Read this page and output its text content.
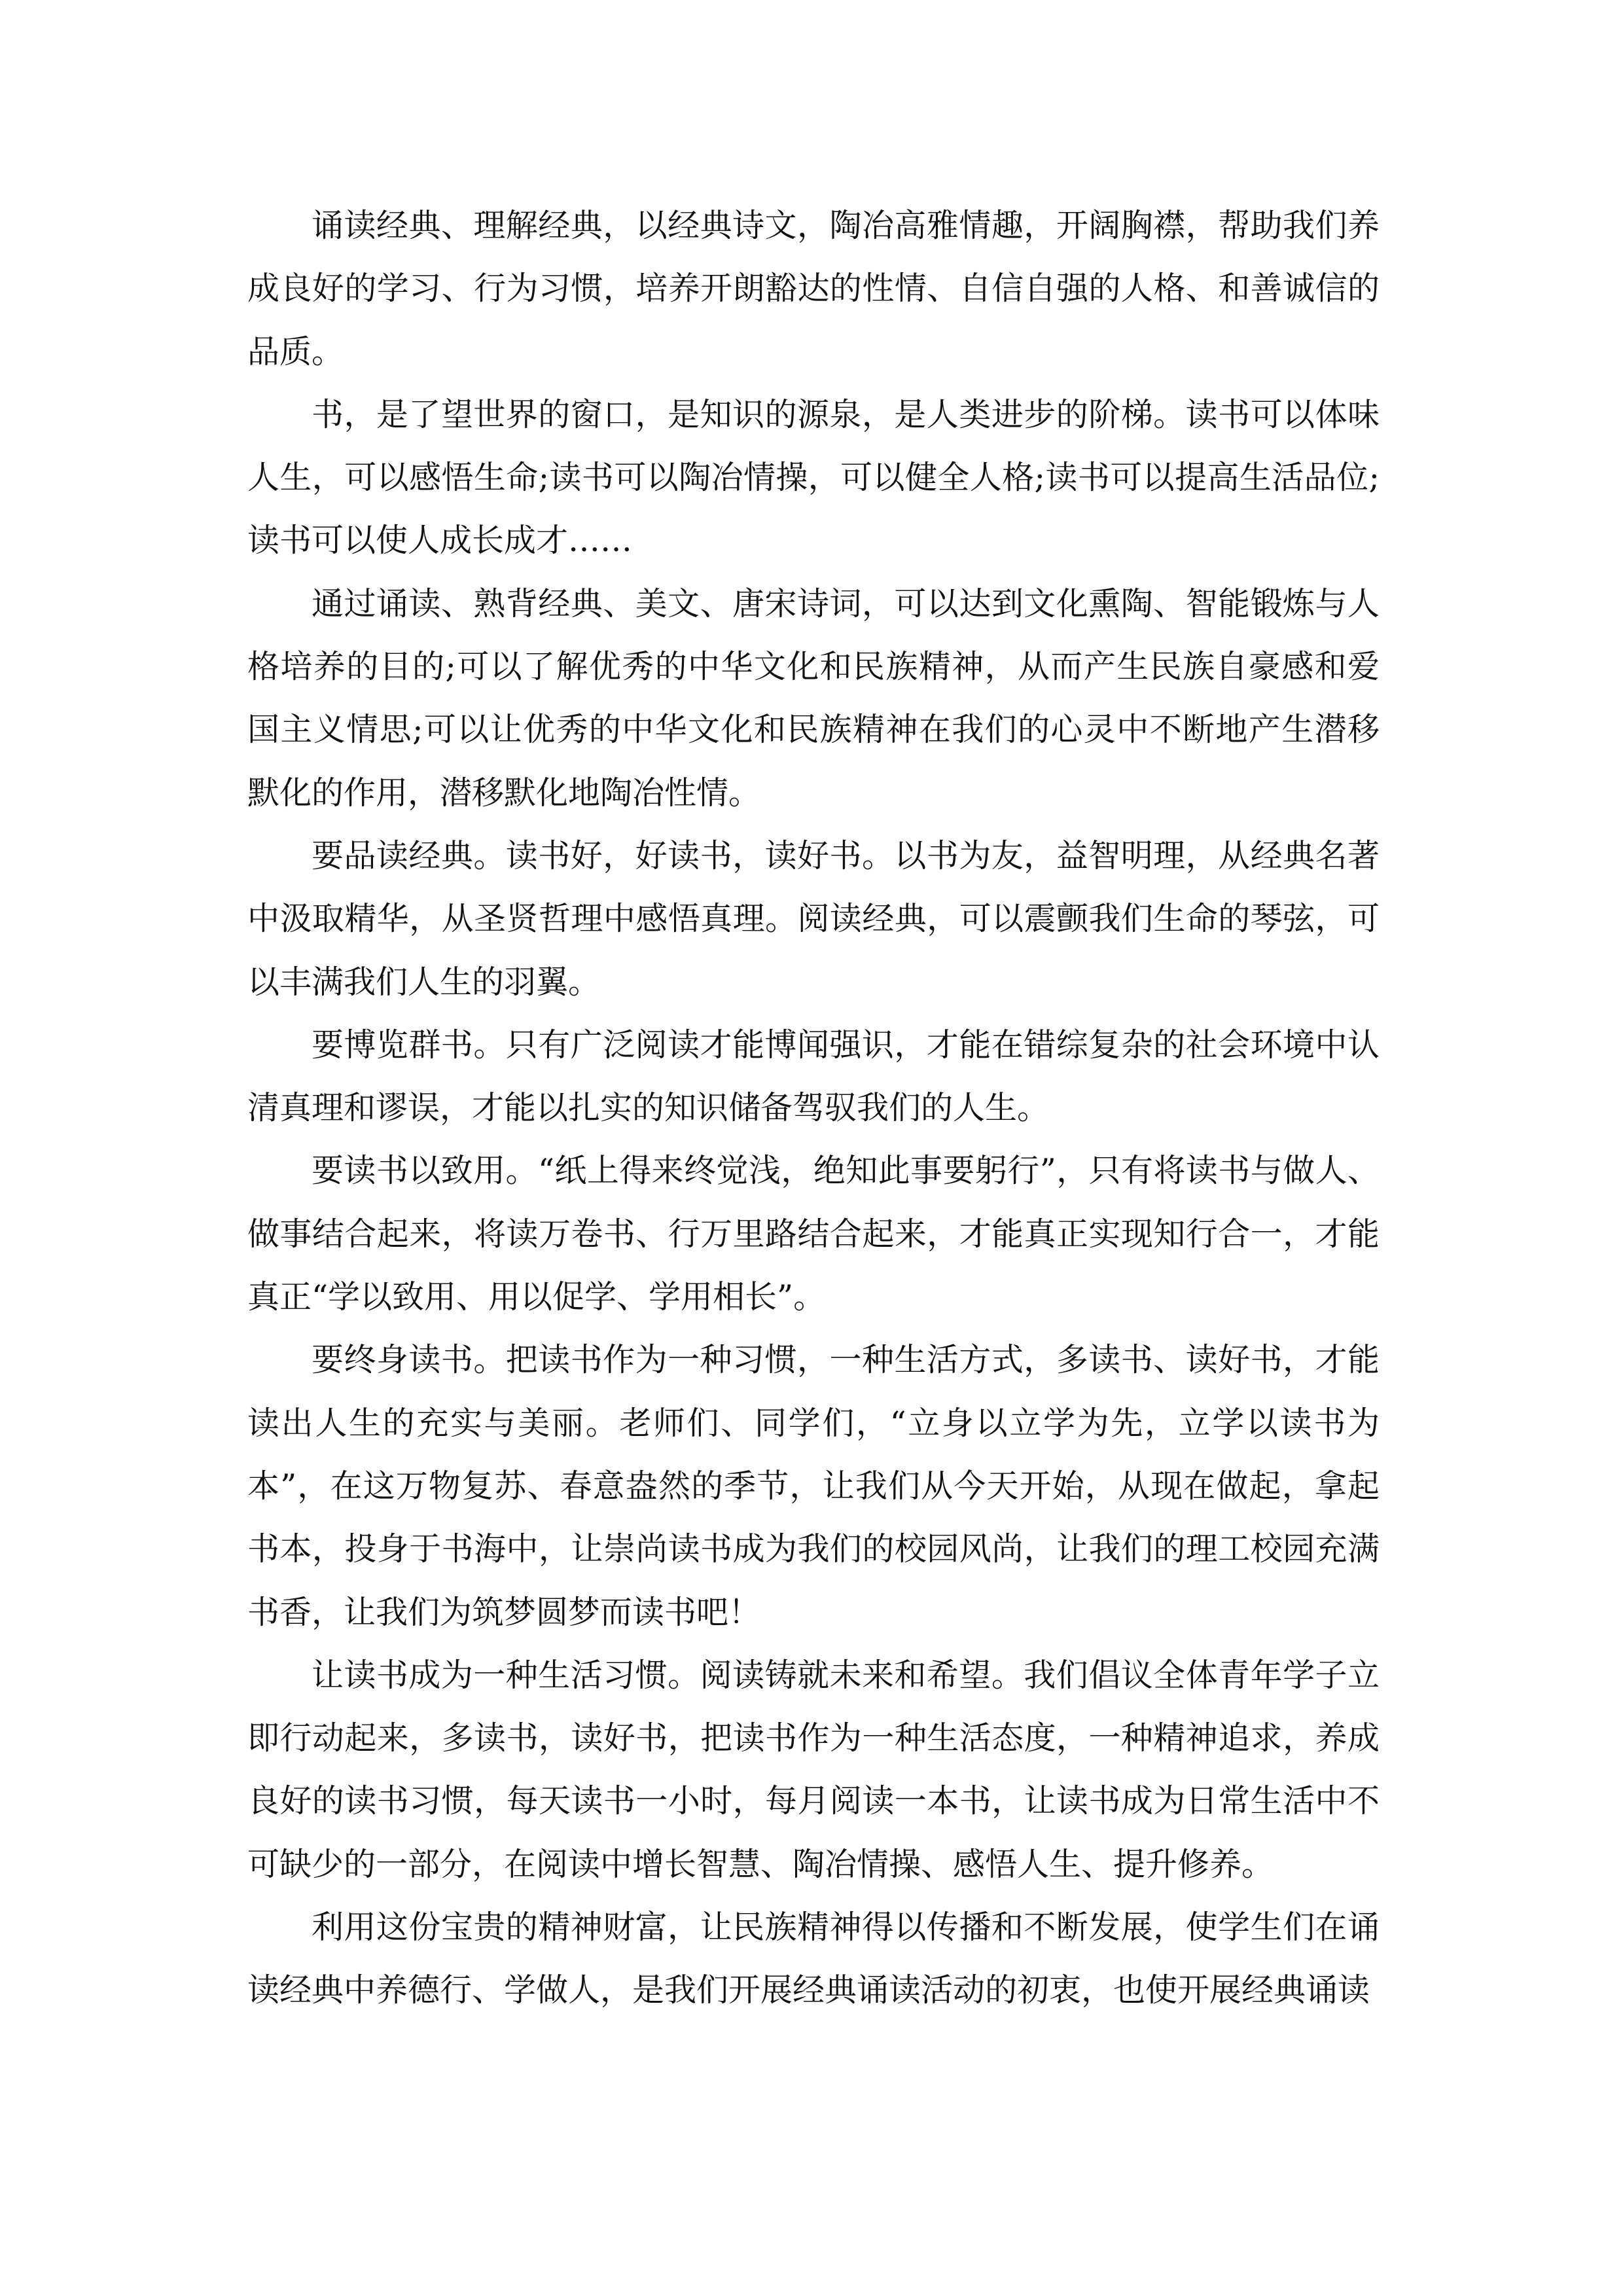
诵读经典、理解经典，以经典诗文，陶冶高雅情趣，开阔胸襟，帮助我们养成良好的学习、行为习惯，培养开朗豁达的性情、自信自强的人格、和善诚信的品质。

书，是了望世界的窗口，是知识的源泉，是人类进步的阶梯。读书可以体味人生，可以感悟生命;读书可以陶冶情操，可以健全人格;读书可以提高生活品位;读书可以使人成长成才……

通过诵读、熟背经典、美文、唐宋诗词，可以达到文化熏陶、智能锻炼与人格培养的目的;可以了解优秀的中华文化和民族精神，从而产生民族自豪感和爱国主义情思;可以让优秀的中华文化和民族精神在我们的心灵中不断地产生潜移默化的作用，潜移默化地陶冶性情。

要品读经典。读书好，好读书，读好书。以书为友，益智明理，从经典名著中汲取精华，从圣贤哲理中感悟真理。阅读经典，可以震颤我们生命的琴弦，可以丰满我们人生的羽翼。

要博览群书。只有广泛阅读才能博闻强识，才能在错综复杂的社会环境中认清真理和谬误，才能以扎实的知识储备驾驭我们的人生。

要读书以致用。“纸上得来终觉浅，绝知此事要躬行”，只有将读书与做人、做事结合起来，将读万卷书、行万里路结合起来，才能真正实现知行合一，才能真正“学以致用、用以促学、学用相长”。

要终身读书。把读书作为一种习惯，一种生活方式，多读书、读好书，才能读出人生的充实与美丽。老师们、同学们，“立身以立学为先，立学以读书为本”，在这万物复苏、春意盎然的季节，让我们从今天开始，从现在做起，拿起书本，投身于书海中，让崇尚读书成为我们的校园风尚，让我们的理工校园充满书香，让我们为筑梦圆梦而读书吧！

让读书成为一种生活习惯。阅读铸就未来和希望。我们倡议全体青年学子立即行动起来，多读书，读好书，把读书作为一种生活态度，一种精神追求，养成良好的读书习惯，每天读书一小时，每月阅读一本书，让读书成为日常生活中不可缺少的一部分，在阅读中增长智慧、陶冶情操、感悟人生、提升修养。

利用这份宝贵的精神财富，让民族精神得以传播和不断发展，使学生们在诵读经典中养德行、学做人，是我们开展经典诵读活动的初衷，也使开展经典诵读
